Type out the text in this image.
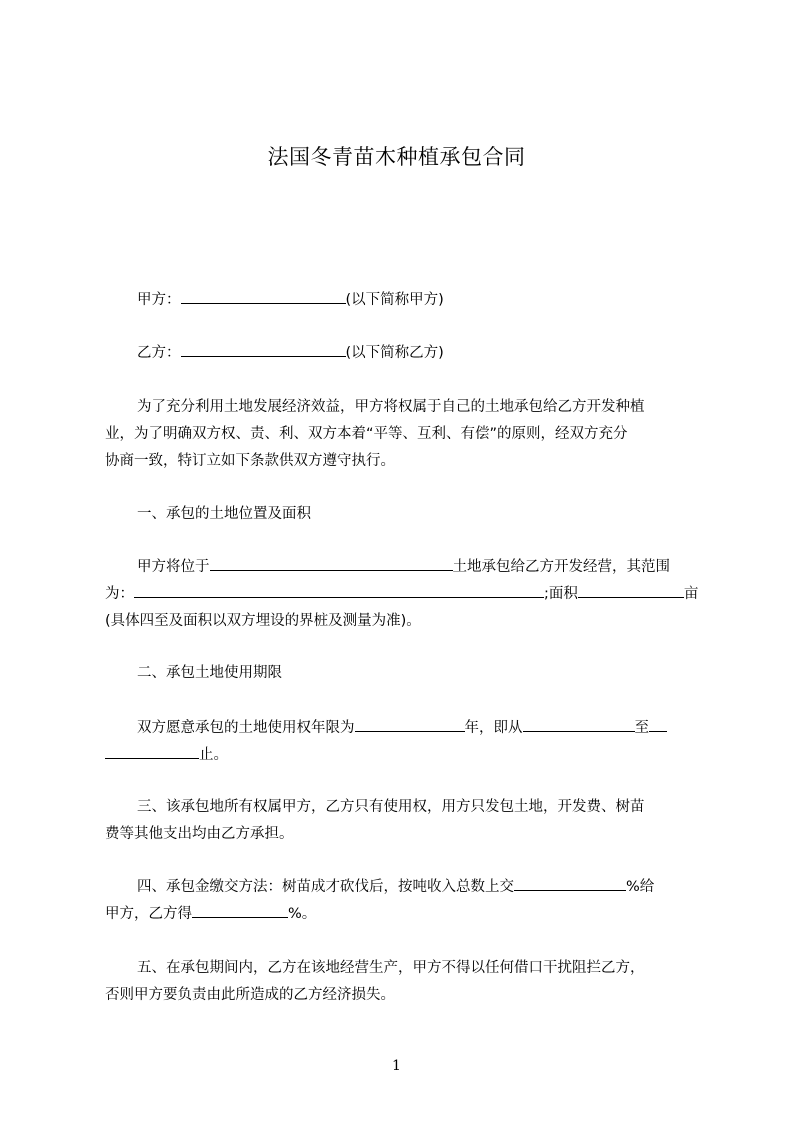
法国冬青苗木种植承包合同
甲方：	(以下简称甲方)
乙方：	(以下简称乙方)
为了充分利用土地发展经济效益，甲方将权属于自己的土地承包给乙方开发种植
业，为了明确双方权、责、利、双方本着“平等、互利、有偿”的原则，经双方充分
协商一致，特订立如下条款供双方遵守执行。
一、承包的土地位置及面积
甲方将位于	土地承包给乙方开发经营，其范围
为：	;面积	亩
(具体四至及面积以双方埋设的界桩及测量为准)。
二、承包土地使用期限
双方愿意承包的土地使用权年限为	年，即从	至
止。
三、该承包地所有权属甲方，乙方只有使用权，用方只发包土地，开发费、树苗
费等其他支出均由乙方承担。
四、承包金缴交方法：树苗成才砍伐后，按吨收入总数上交	%给
甲方，乙方得	%。
五、在承包期间内，乙方在该地经营生产，甲方不得以任何借口干扰阻拦乙方，
否则甲方要负责由此所造成的乙方经济损失。
1
